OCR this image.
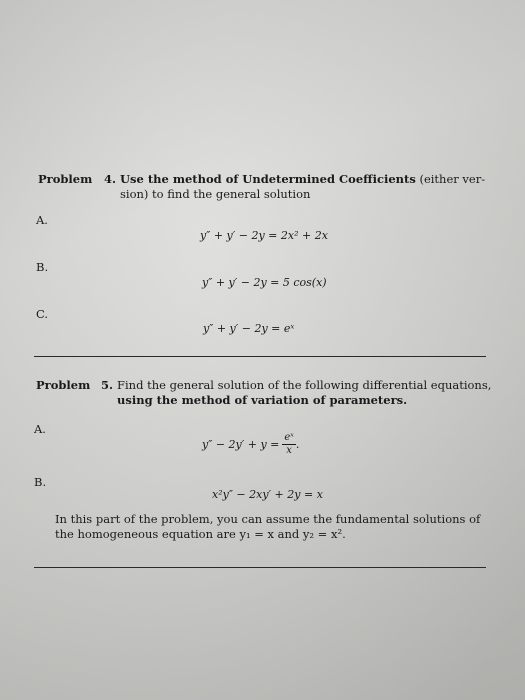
Problem 4. Use the method of Undetermined Coefficients (either ver-
sion) to find the general solution
A.
y″ + y′ − 2y = 2x² + 2x
B.
y″ + y′ − 2y = 5 cos(x)
C.
y″ + y′ − 2y = eˣ
Problem 5. Find the general solution of the following differential equations,
using the method of variation of parameters.
A.
$y'' - 2y' + y = \frac{\text{eˣ}}{x}$ .
B.
x²y″ − 2xy′ + 2y = x
In this part of the problem, you can assume the fundamental solutions of
the homogeneous equation are y₁ = x and y₂ = x².
